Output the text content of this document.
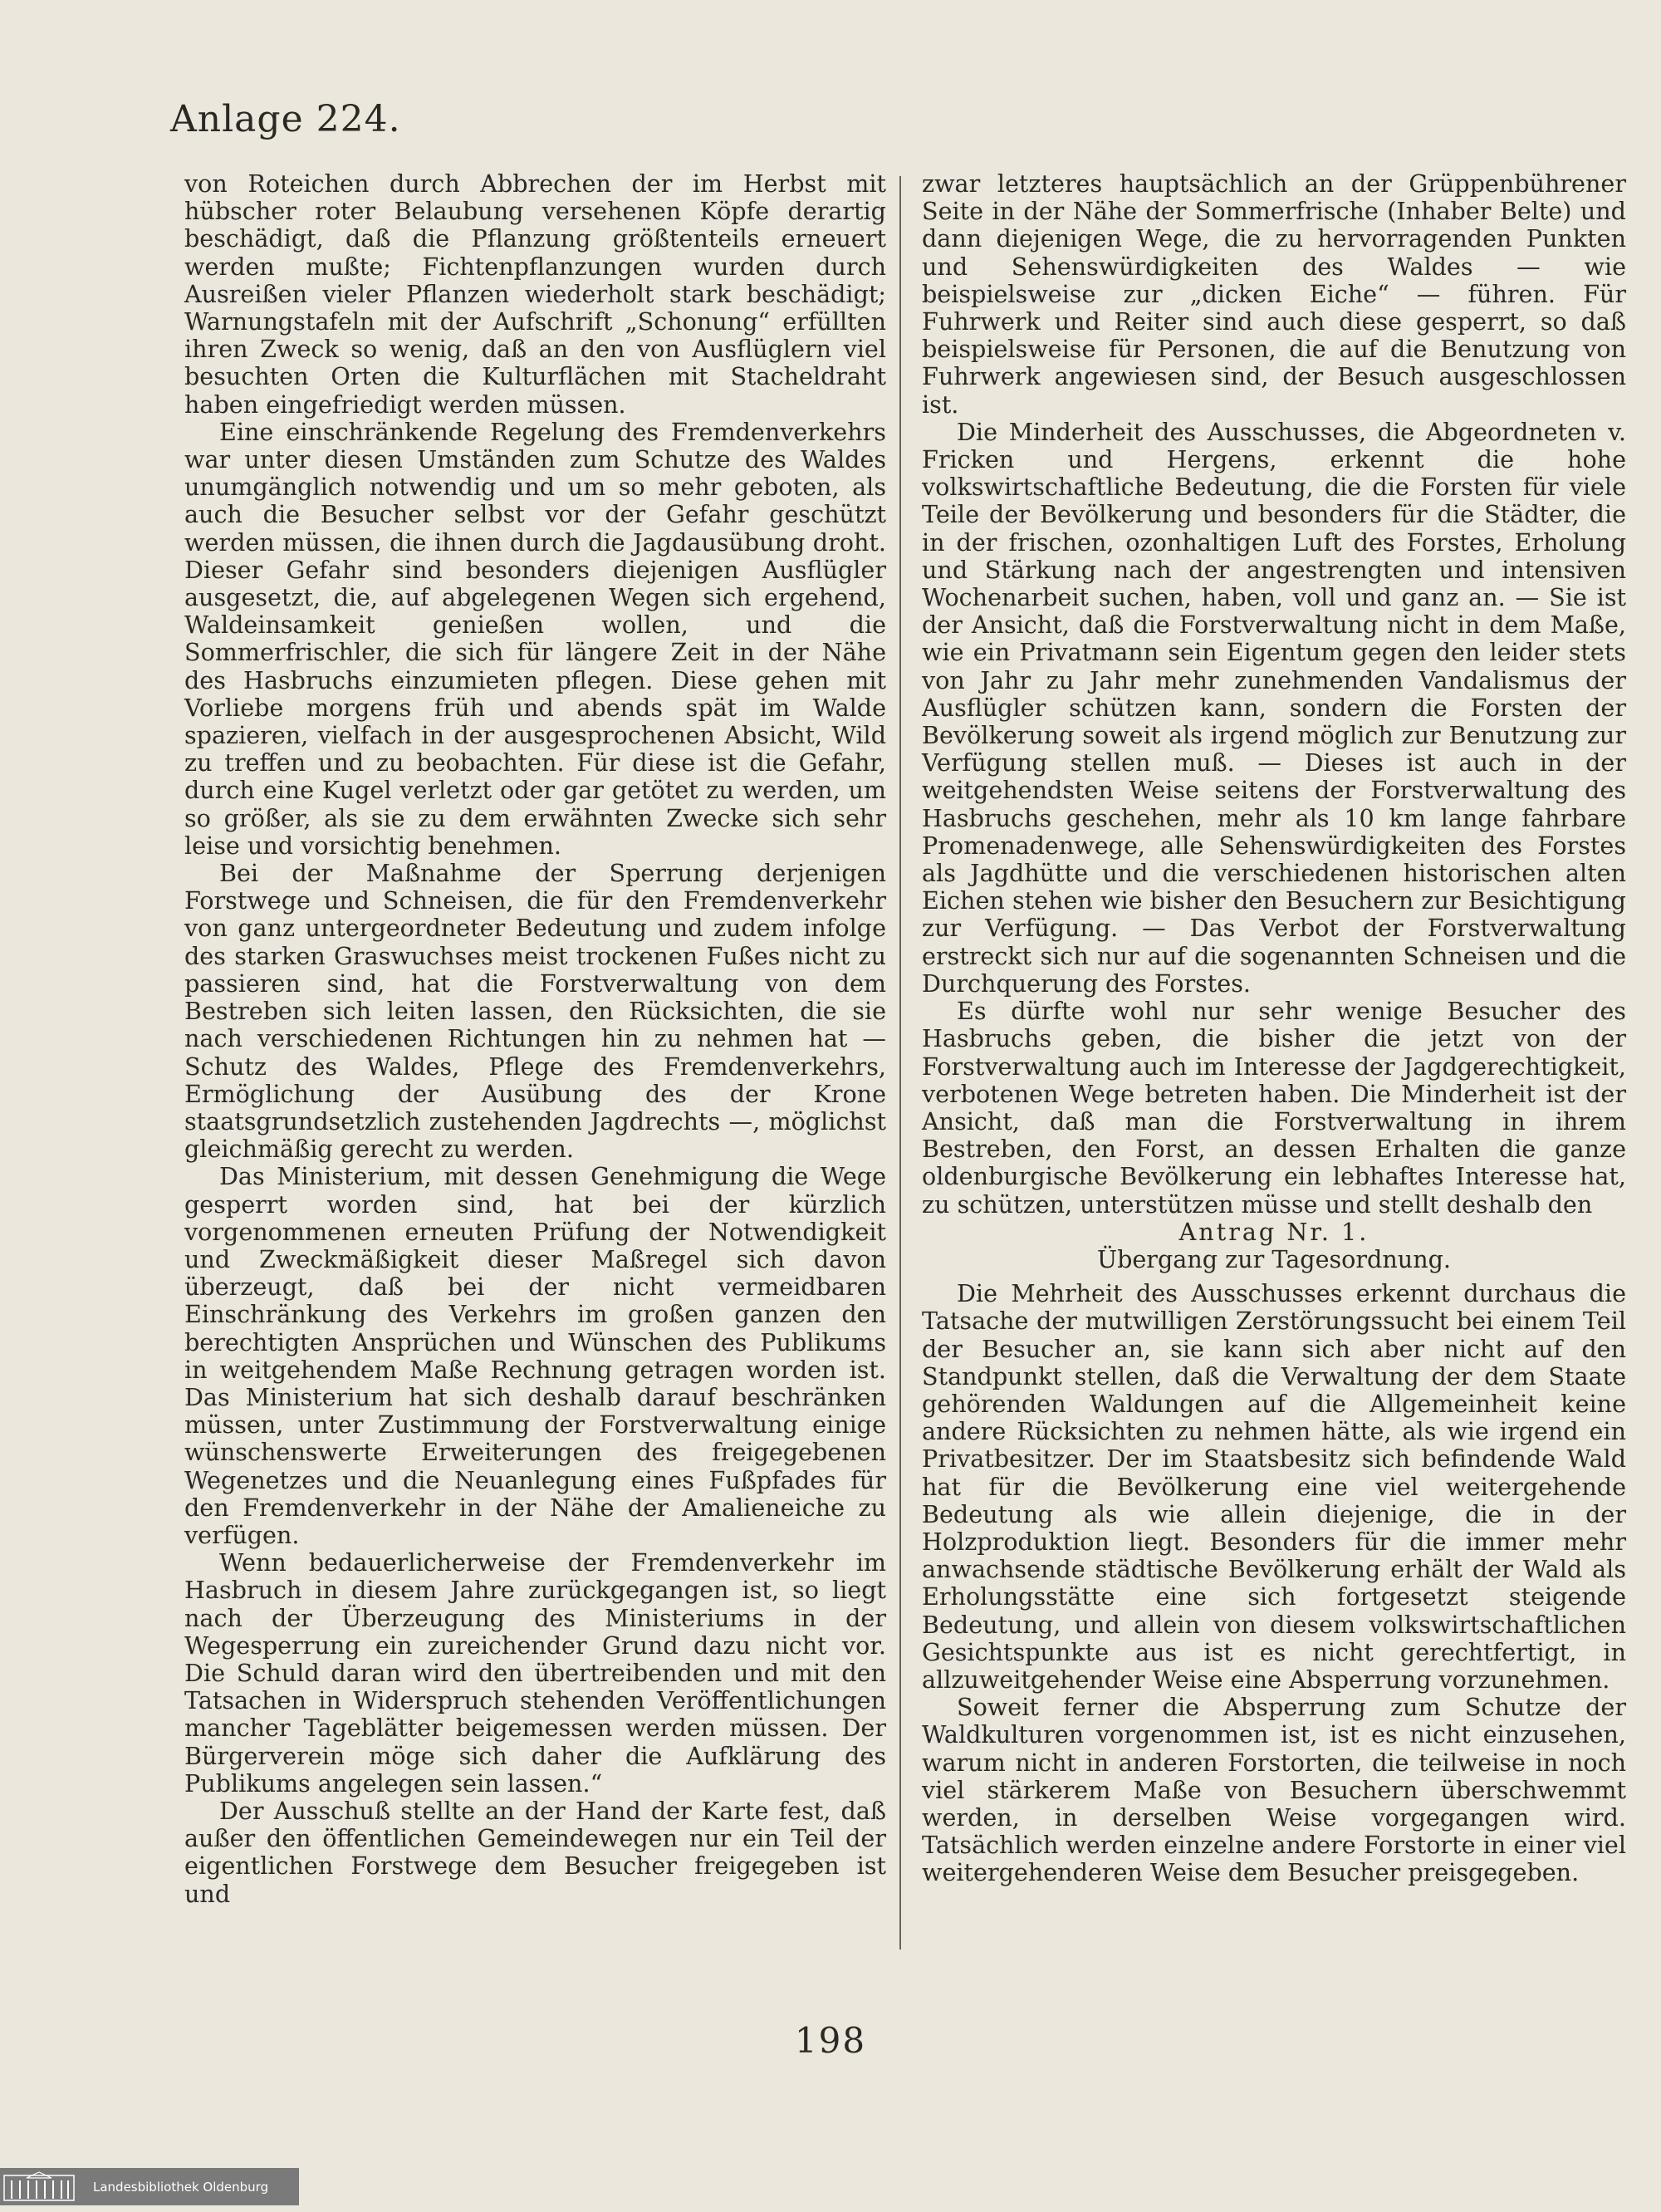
Anlage 224.

von Roteichen durch Abbrechen der im Herbst mit hübscher roter Belaubung versehenen Köpfe derartig beschädigt, daß die Pflanzung größtenteils erneuert werden mußte; Fichtenpflanzungen wurden durch Ausreißen vieler Pflanzen wiederholt stark beschädigt; Warnungstafeln mit der Aufschrift „Schonung“ erfüllten ihren Zweck so wenig, daß an den von Ausflüglern viel besuchten Orten die Kulturflächen mit Stacheldraht haben eingefriedigt werden müssen.

Eine einschränkende Regelung des Fremdenverkehrs war unter diesen Umständen zum Schutze des Waldes unumgänglich notwendig und um so mehr geboten, als auch die Besucher selbst vor der Gefahr geschützt werden müssen, die ihnen durch die Jagdausübung droht. Dieser Gefahr sind besonders diejenigen Ausflügler ausgesetzt, die, auf abgelegenen Wegen sich ergehend, Waldeinsamkeit genießen wollen, und die Sommerfrischler, die sich für längere Zeit in der Nähe des Hasbruchs einzumieten pflegen. Diese gehen mit Vorliebe morgens früh und abends spät im Walde spazieren, vielfach in der ausgesprochenen Absicht, Wild zu treffen und zu beobachten. Für diese ist die Gefahr, durch eine Kugel verletzt oder gar getötet zu werden, um so größer, als sie zu dem erwähnten Zwecke sich sehr leise und vorsichtig benehmen.

Bei der Maßnahme der Sperrung derjenigen Forstwege und Schneisen, die für den Fremdenverkehr von ganz untergeordneter Bedeutung und zudem infolge des starken Graswuchses meist trockenen Fußes nicht zu passieren sind, hat die Forstverwaltung von dem Bestreben sich leiten lassen, den Rücksichten, die sie nach verschiedenen Richtungen hin zu nehmen hat — Schutz des Waldes, Pflege des Fremdenverkehrs, Ermöglichung der Ausübung des der Krone staatsgrundsetzlich zustehenden Jagdrechts —, möglichst gleichmäßig gerecht zu werden.

Das Ministerium, mit dessen Genehmigung die Wege gesperrt worden sind, hat bei der kürzlich vorgenommenen erneuten Prüfung der Notwendigkeit und Zweckmäßigkeit dieser Maßregel sich davon überzeugt, daß bei der nicht vermeidbaren Einschränkung des Verkehrs im großen ganzen den berechtigten Ansprüchen und Wünschen des Publikums in weitgehendem Maße Rechnung getragen worden ist. Das Ministerium hat sich deshalb darauf beschränken müssen, unter Zustimmung der Forstverwaltung einige wünschenswerte Erweiterungen des freigegebenen Wegenetzes und die Neuanlegung eines Fußpfades für den Fremdenverkehr in der Nähe der Amalieneiche zu verfügen.

Wenn bedauerlicherweise der Fremdenverkehr im Hasbruch in diesem Jahre zurückgegangen ist, so liegt nach der Überzeugung des Ministeriums in der Wegesperrung ein zureichender Grund dazu nicht vor. Die Schuld daran wird den übertreibenden und mit den Tatsachen in Widerspruch stehenden Veröffentlichungen mancher Tageblätter beigemessen werden müssen. Der Bürgerverein möge sich daher die Aufklärung des Publikums angelegen sein lassen.“

Der Ausschuß stellte an der Hand der Karte fest, daß außer den öffentlichen Gemeindewegen nur ein Teil der eigentlichen Forstwege dem Besucher freigegeben ist und

zwar letzteres hauptsächlich an der Grüppenbührener Seite in der Nähe der Sommerfrische (Inhaber Belte) und dann diejenigen Wege, die zu hervorragenden Punkten und Sehenswürdigkeiten des Waldes — wie beispielsweise zur „dicken Eiche“ — führen. Für Fuhrwerk und Reiter sind auch diese gesperrt, so daß beispielsweise für Personen, die auf die Benutzung von Fuhrwerk angewiesen sind, der Besuch ausgeschlossen ist.

Die Minderheit des Ausschusses, die Abgeordneten v. Fricken und Hergens, erkennt die hohe volkswirtschaftliche Bedeutung, die die Forsten für viele Teile der Bevölkerung und besonders für die Städter, die in der frischen, ozonhaltigen Luft des Forstes, Erholung und Stärkung nach der angestrengten und intensiven Wochenarbeit suchen, haben, voll und ganz an. — Sie ist der Ansicht, daß die Forstverwaltung nicht in dem Maße, wie ein Privatmann sein Eigentum gegen den leider stets von Jahr zu Jahr mehr zunehmenden Vandalismus der Ausflügler schützen kann, sondern die Forsten der Bevölkerung soweit als irgend möglich zur Benutzung zur Verfügung stellen muß. — Dieses ist auch in der weitgehendsten Weise seitens der Forstverwaltung des Hasbruchs geschehen, mehr als 10 km lange fahrbare Promenadenwege, alle Sehenswürdigkeiten des Forstes als Jagdhütte und die verschiedenen historischen alten Eichen stehen wie bisher den Besuchern zur Besichtigung zur Verfügung. — Das Verbot der Forstverwaltung erstreckt sich nur auf die sogenannten Schneisen und die Durchquerung des Forstes.

Es dürfte wohl nur sehr wenige Besucher des Hasbruchs geben, die bisher die jetzt von der Forstverwaltung auch im Interesse der Jagdgerechtigkeit, verbotenen Wege betreten haben. Die Minderheit ist der Ansicht, daß man die Forstverwaltung in ihrem Bestreben, den Forst, an dessen Erhalten die ganze oldenburgische Bevölkerung ein lebhaftes Interesse hat, zu schützen, unterstützen müsse und stellt deshalb den

Antrag Nr. 1.

Übergang zur Tagesordnung.

Die Mehrheit des Ausschusses erkennt durchaus die Tatsache der mutwilligen Zerstörungssucht bei einem Teil der Besucher an, sie kann sich aber nicht auf den Standpunkt stellen, daß die Verwaltung der dem Staate gehörenden Waldungen auf die Allgemeinheit keine andere Rücksichten zu nehmen hätte, als wie irgend ein Privatbesitzer. Der im Staatsbesitz sich befindende Wald hat für die Bevölkerung eine viel weitergehende Bedeutung als wie allein diejenige, die in der Holzproduktion liegt. Besonders für die immer mehr anwachsende städtische Bevölkerung erhält der Wald als Erholungsstätte eine sich fortgesetzt steigende Bedeutung, und allein von diesem volkswirtschaftlichen Gesichtspunkte aus ist es nicht gerechtfertigt, in allzuweitgehender Weise eine Absperrung vorzunehmen.

Soweit ferner die Absperrung zum Schutze der Waldkulturen vorgenommen ist, ist es nicht einzusehen, warum nicht in anderen Forstorten, die teilweise in noch viel stärkerem Maße von Besuchern überschwemmt werden, in derselben Weise vorgegangen wird. Tatsächlich werden einzelne andere Forstorte in einer viel weitergehenderen Weise dem Besucher preisgegeben.

198
Landesbibliothek Oldenburg
